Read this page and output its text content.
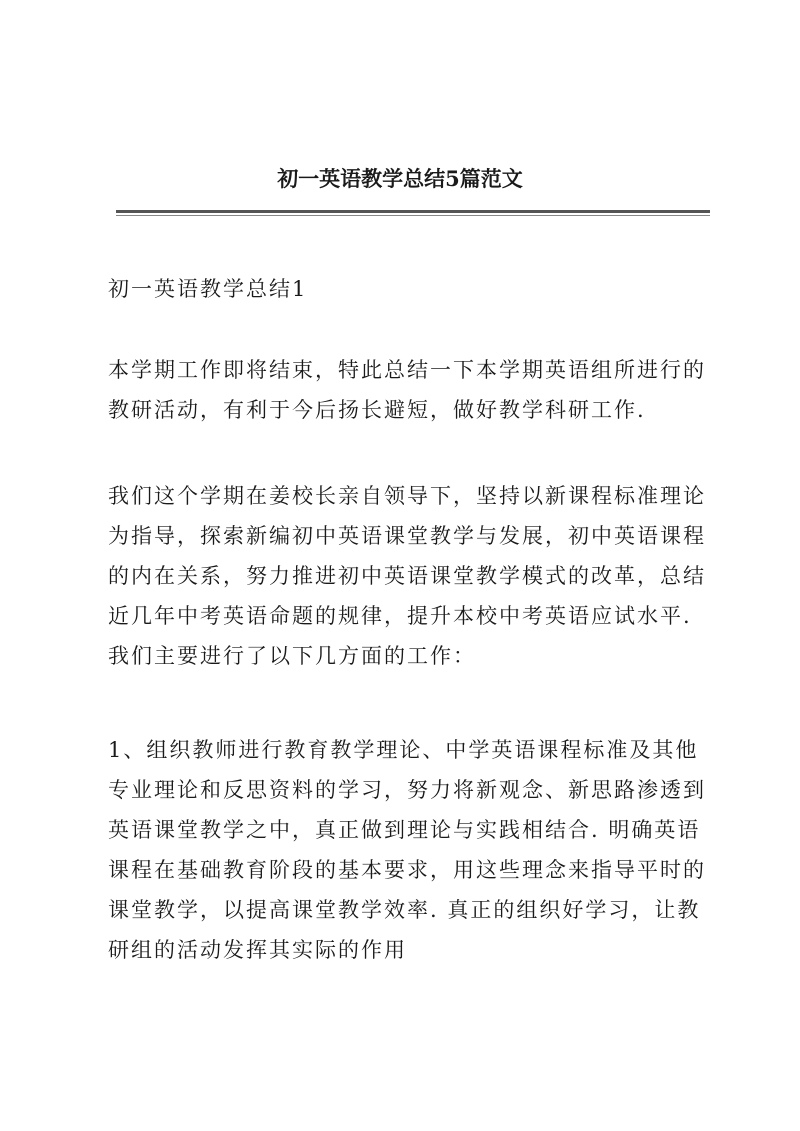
初一英语教学总结5篇范文
初一英语教学总结1

本学期工作即将结束，特此总结一下本学期英语组所进行的教研活动，有利于今后扬长避短，做好教学科研工作.

我们这个学期在姜校长亲自领导下，坚持以新课程标准理论为指导，探索新编初中英语课堂教学与发展，初中英语课程的内在关系，努力推进初中英语课堂教学模式的改革，总结近几年中考英语命题的规律，提升本校中考英语应试水平. 我们主要进行了以下几方面的工作：

1、组织教师进行教育教学理论、中学英语课程标准及其他专业理论和反思资料的学习，努力将新观念、新思路渗透到英语课堂教学之中，真正做到理论与实践相结合. 明确英语课程在基础教育阶段的基本要求，用这些理念来指导平时的课堂教学，以提高课堂教学效率. 真正的组织好学习，让教研组的活动发挥其实际的作用
